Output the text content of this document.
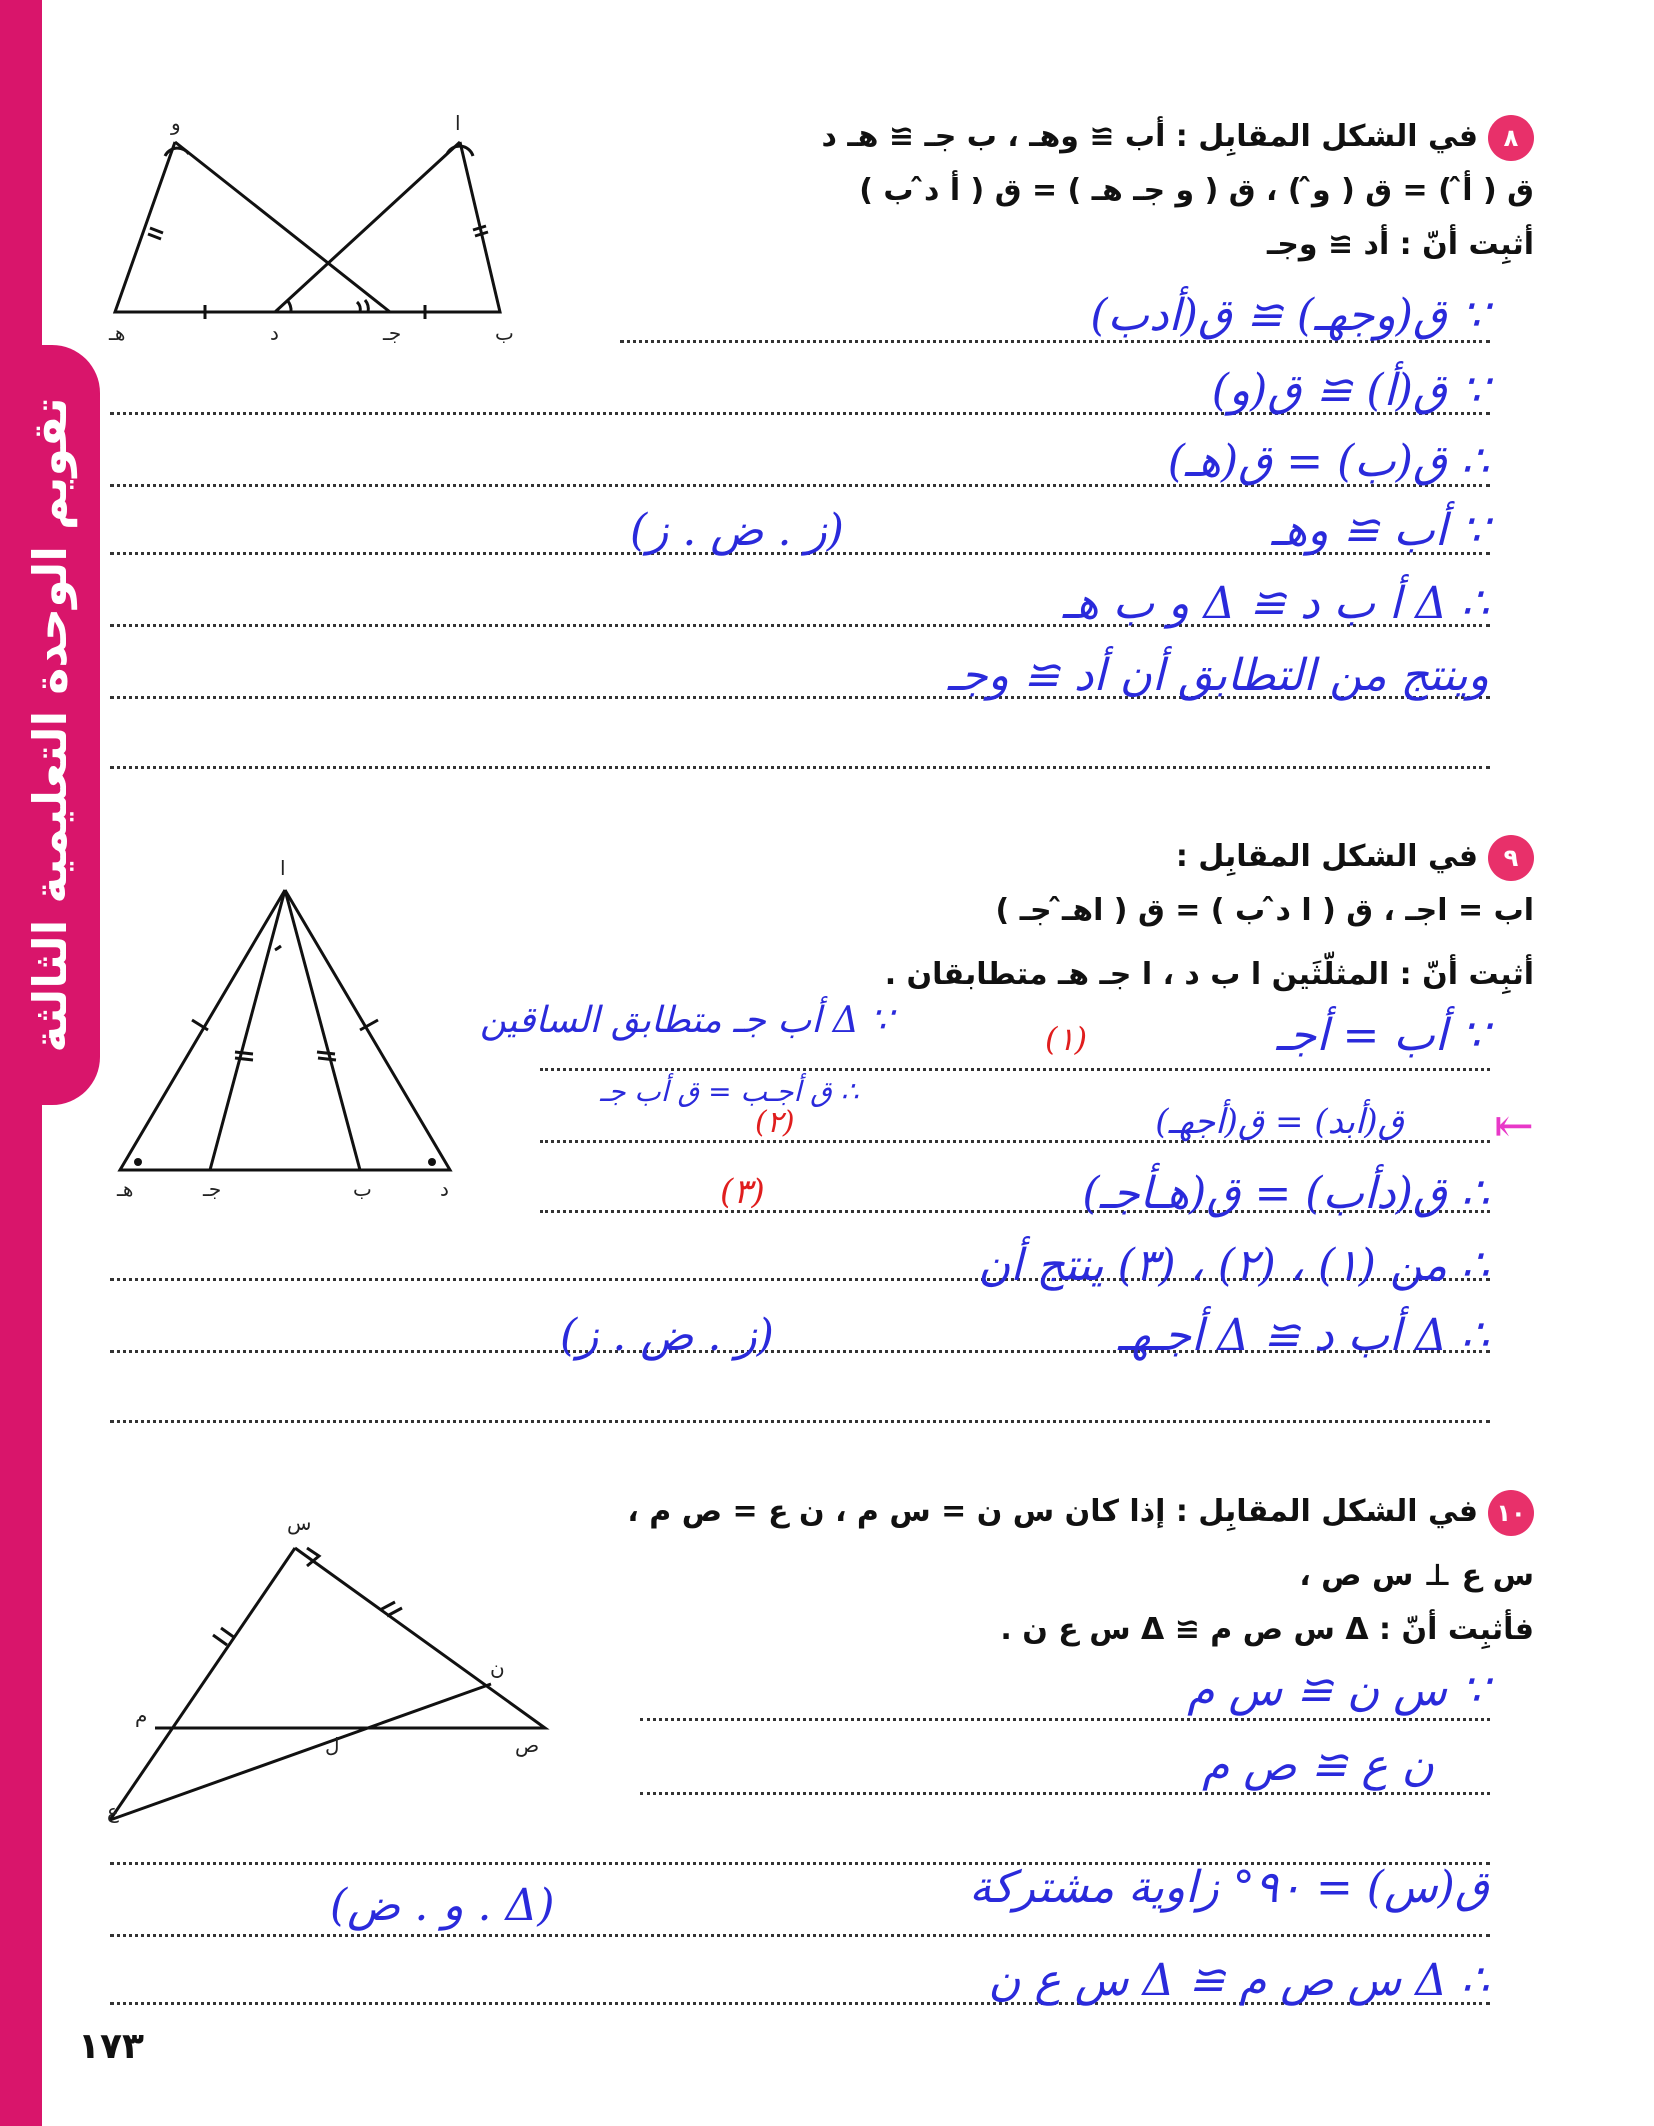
تقويم الوحدة التعليمية الثالثة
و	ا
هـ	د	جـ	ب
٨في الشكل المقابِل : أب ≅ وهـ ، ب جـ ≅ هـ د
ق ( أ̂ ) = ق ( و̂ ) ، ق ( و جـ هـ ) = ق ( أ د̂ ب )
أثبِت أنّ : أد ≅ وجـ
∵ ق(وجهـ) ≅ ق(أدب)
∵ ق(أ) ≅ ق(و)
∴ ق(ب) = ق(هـ)
∵ أب ≅ وهـ
(ز . ض . ز)
∴ Δ أ ب د ≅ Δ و ب هـ
وينتج من التطابق أن أد ≅ وجـ
ا
هـ	جـ	ب	د
٩في الشكل المقابِل :
اب = اجـ ، ق ( ا د̂ ب ) = ق ( اهـ̂ جـ )
أثبِت أنّ : المثلّثَين ا ب د ، ا جـ هـ متطابقان .
∵ أب = أجـ
(١)
∵ Δ أب جـ متطابق الساقين
∴ ق أجـب = ق أب جـ
(٢)	ق(أبد) = ق(أجهـ) ⇤
∴ ق(دأب) = ق(هـأجـ)
(٣)
∴ من (١) ، (٢) ، (٣) ينتج أن
∴ Δ أب د ≅ Δ أجـهـ
(ز . ض . ز)
س
ن
م
ل	ص
ع
١٠في الشكل المقابِل : إذا كان س ن = س م ، ن ع = ص م ،
س ع ⊥ س ص ،
فأثبِت أنّ : Δ س ص م ≅ Δ س ع ن .
∵ س ن ≅ س م
ن ع ≅ ص م
ق(س) = ٩٠° زاوية مشتركة
(Δ . و . ض)
∴ Δ س ص م ≅ Δ س ع ن
١٧٣
